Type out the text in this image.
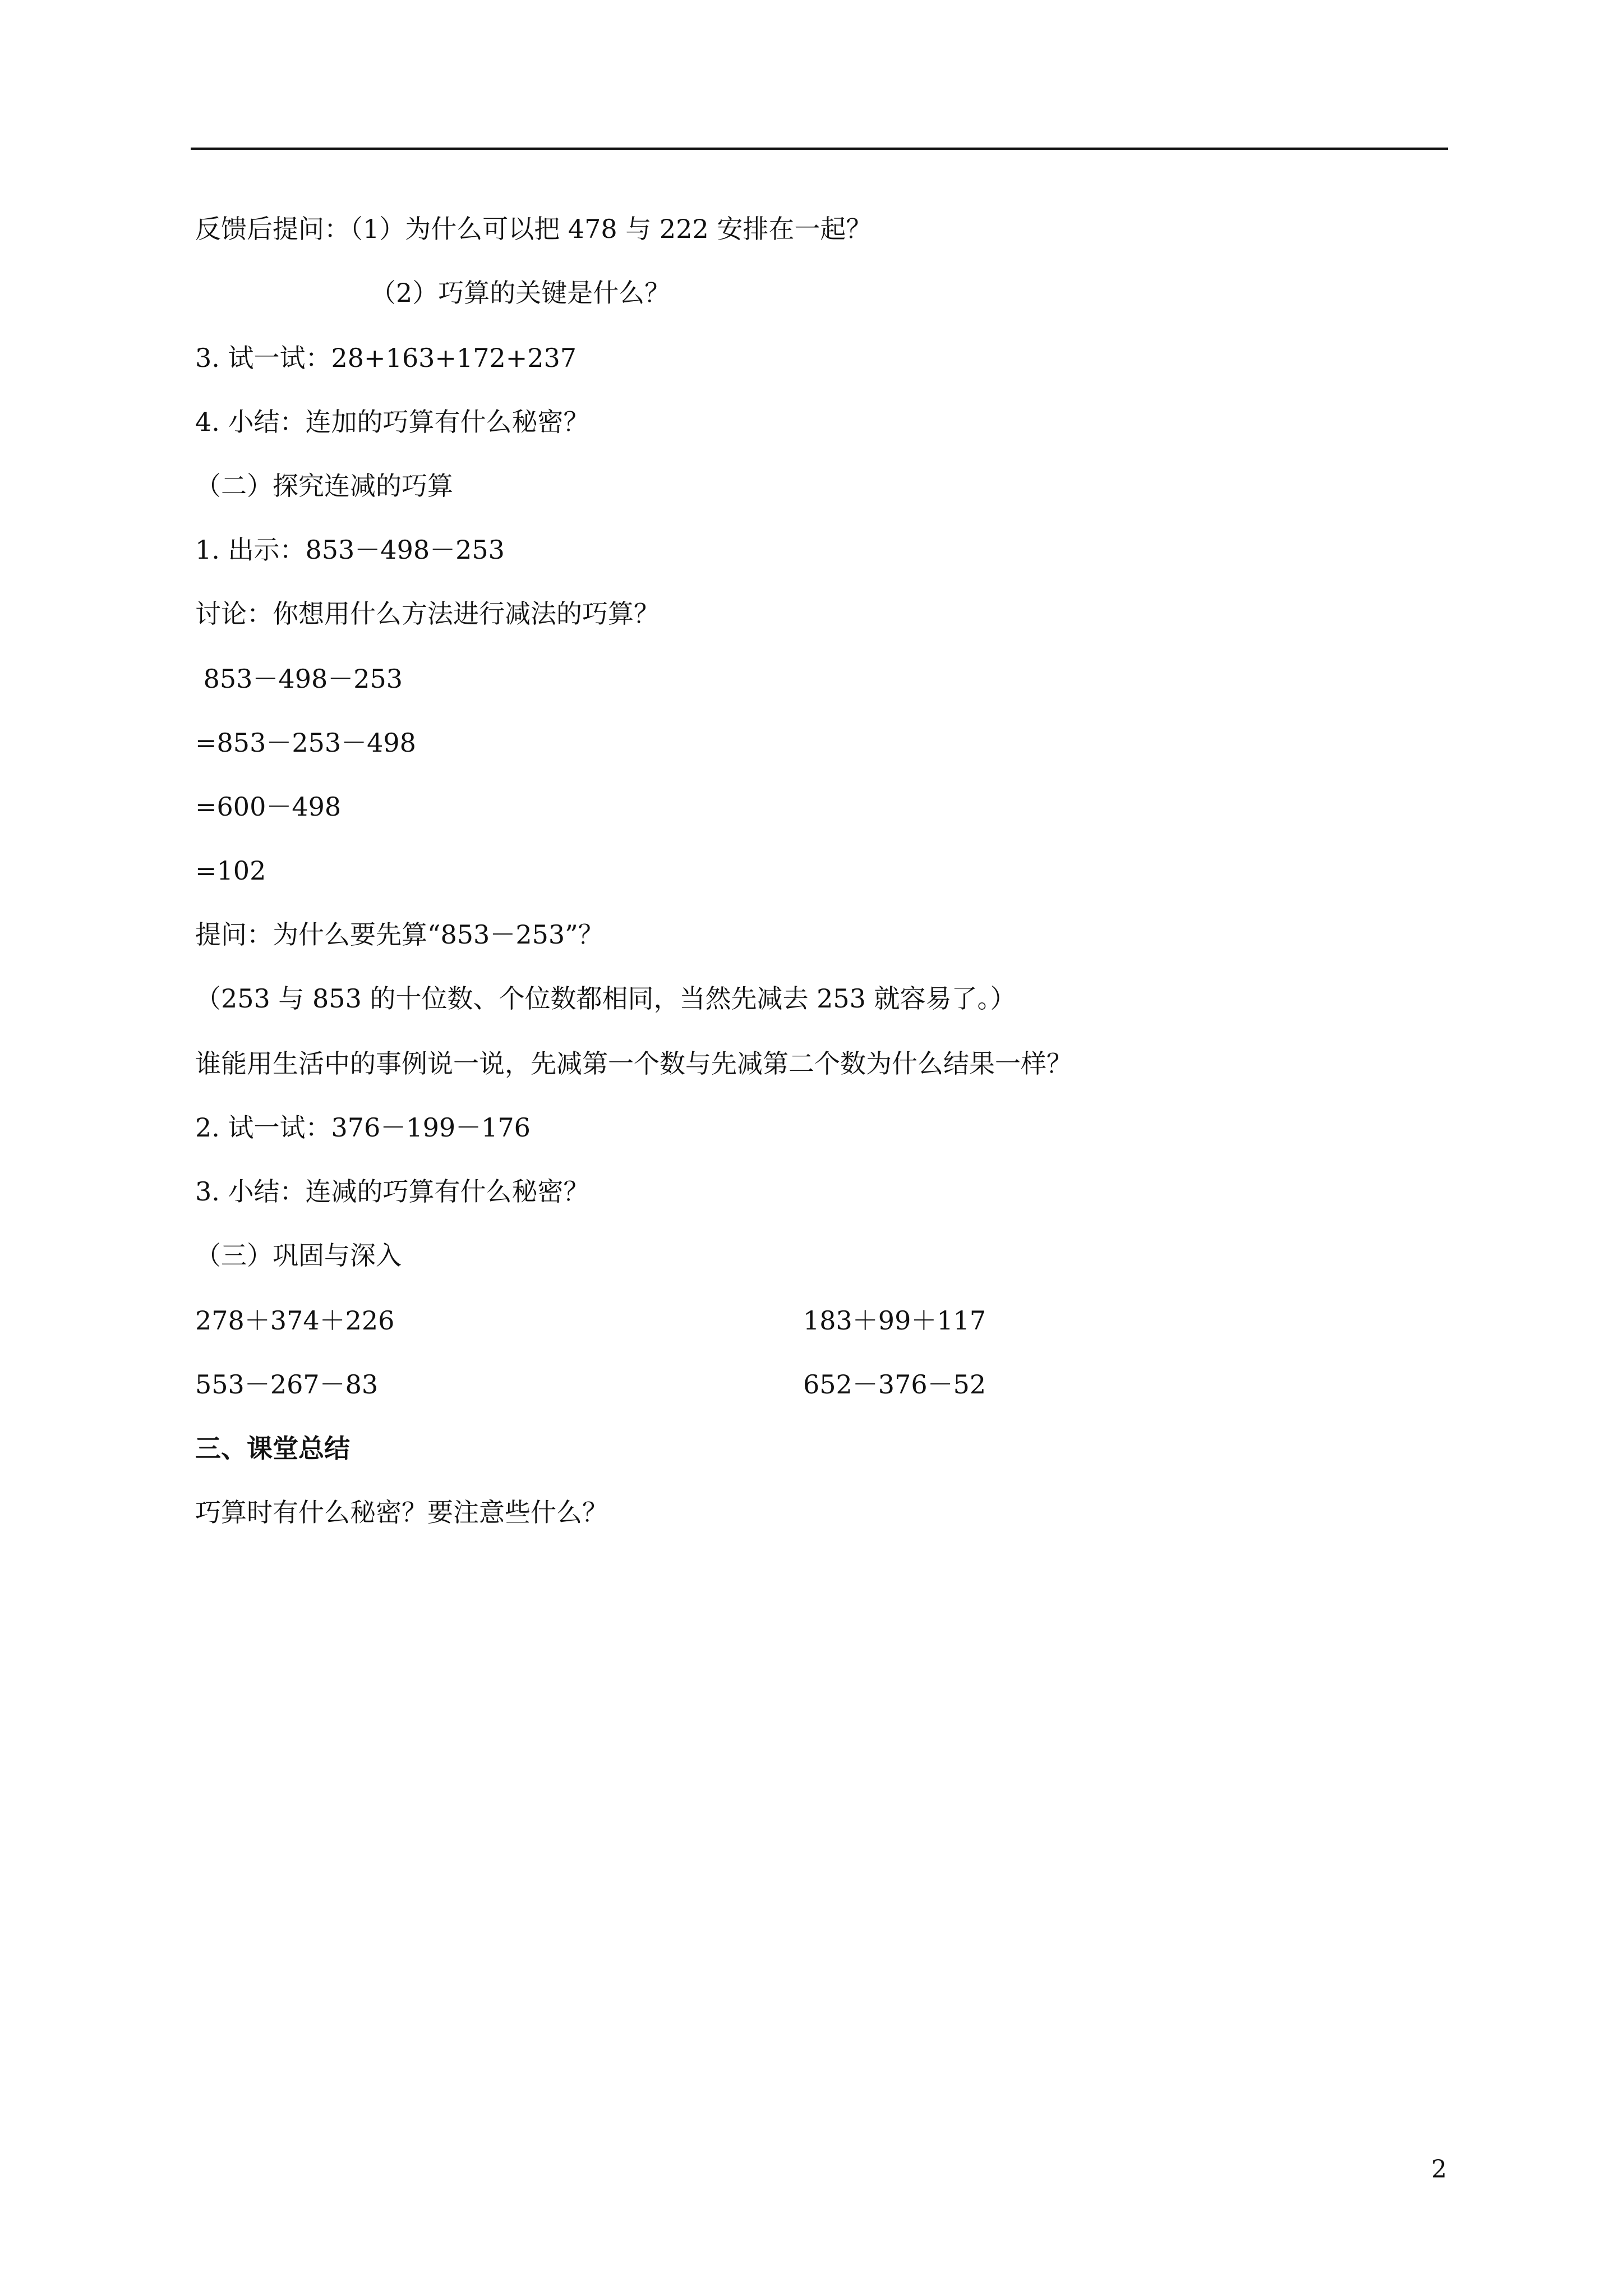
反馈后提问：（1）为什么可以把 478 与 222 安排在一起？
（2）巧算的关键是什么？
3. 试一试：28+163+172+237
4. 小结：连加的巧算有什么秘密？
（二）探究连减的巧算
1. 出示：853－498－253
讨论：你想用什么方法进行减法的巧算？
853－498－253
=853－253－498
=600－498
=102
提问：为什么要先算“853－253”？
（253 与 853 的十位数、个位数都相同，当然先减去 253 就容易了。）
谁能用生活中的事例说一说，先减第一个数与先减第二个数为什么结果一样？
2. 试一试：376－199－176
3. 小结：连减的巧算有什么秘密？
（三）巩固与深入
278＋374＋226	183＋99＋117
553－267－83	652－376－52
三、课堂总结
巧算时有什么秘密？要注意些什么？
2
